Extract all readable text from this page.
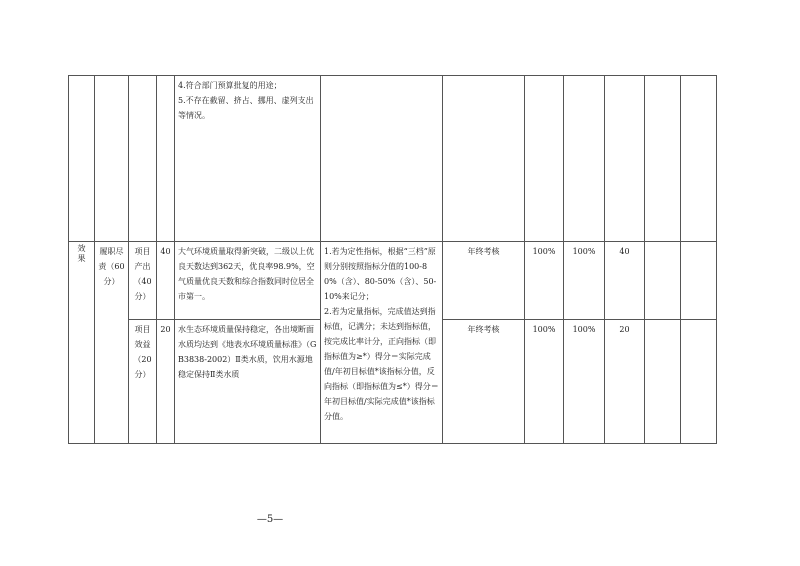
				4.符合部门预算批复的用途；
5.不存在截留、挤占、挪用、虚列支出等情况。							

效果	履职尽责（60分）	项目产出（40分）	40	大气环境质量取得新突破，二级以上优良天数达到362天，优良率98.9%，空气质量优良天数和综合指数同时位居全市第一。	1.若为定性指标，根据“三档”原则分别按照指标分值的100-80%（含）、80-50%（含）、50-10%来记分；
2.若为定量指标，完成值达到指标值，记满分；未达到指标值，按完成比率计分，正向指标（即指标值为≥*）得分＝实际完成值/年初目标值*该指标分值，反向指标（即指标值为≤*）得分＝年初目标值/实际完成值*该指标分值。	年终考核	100%	100%	40		
		项目效益（20分）	20	水生态环境质量保持稳定，各出境断面水质均达到《地表水环境质量标准》（GB3838-2002）Ⅱ类水质，饮用水源地稳定保持Ⅱ类水质		年终考核	100%	100%	20		
—5—
